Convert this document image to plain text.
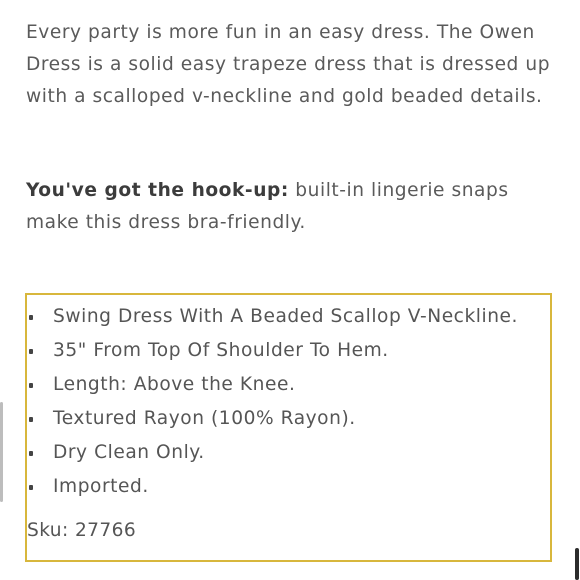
Every party is more fun in an easy dress. The Owen Dress is a solid easy trapeze dress that is dressed up with a scalloped v-neckline and gold beaded details.

You've got the hook-up: built-in lingerie snaps make this dress bra-friendly.

Swing Dress With A Beaded Scallop V-Neckline.
35" From Top Of Shoulder To Hem.
Length: Above the Knee.
Textured Rayon (100% Rayon).
Dry Clean Only.
Imported.
Sku: 27766
